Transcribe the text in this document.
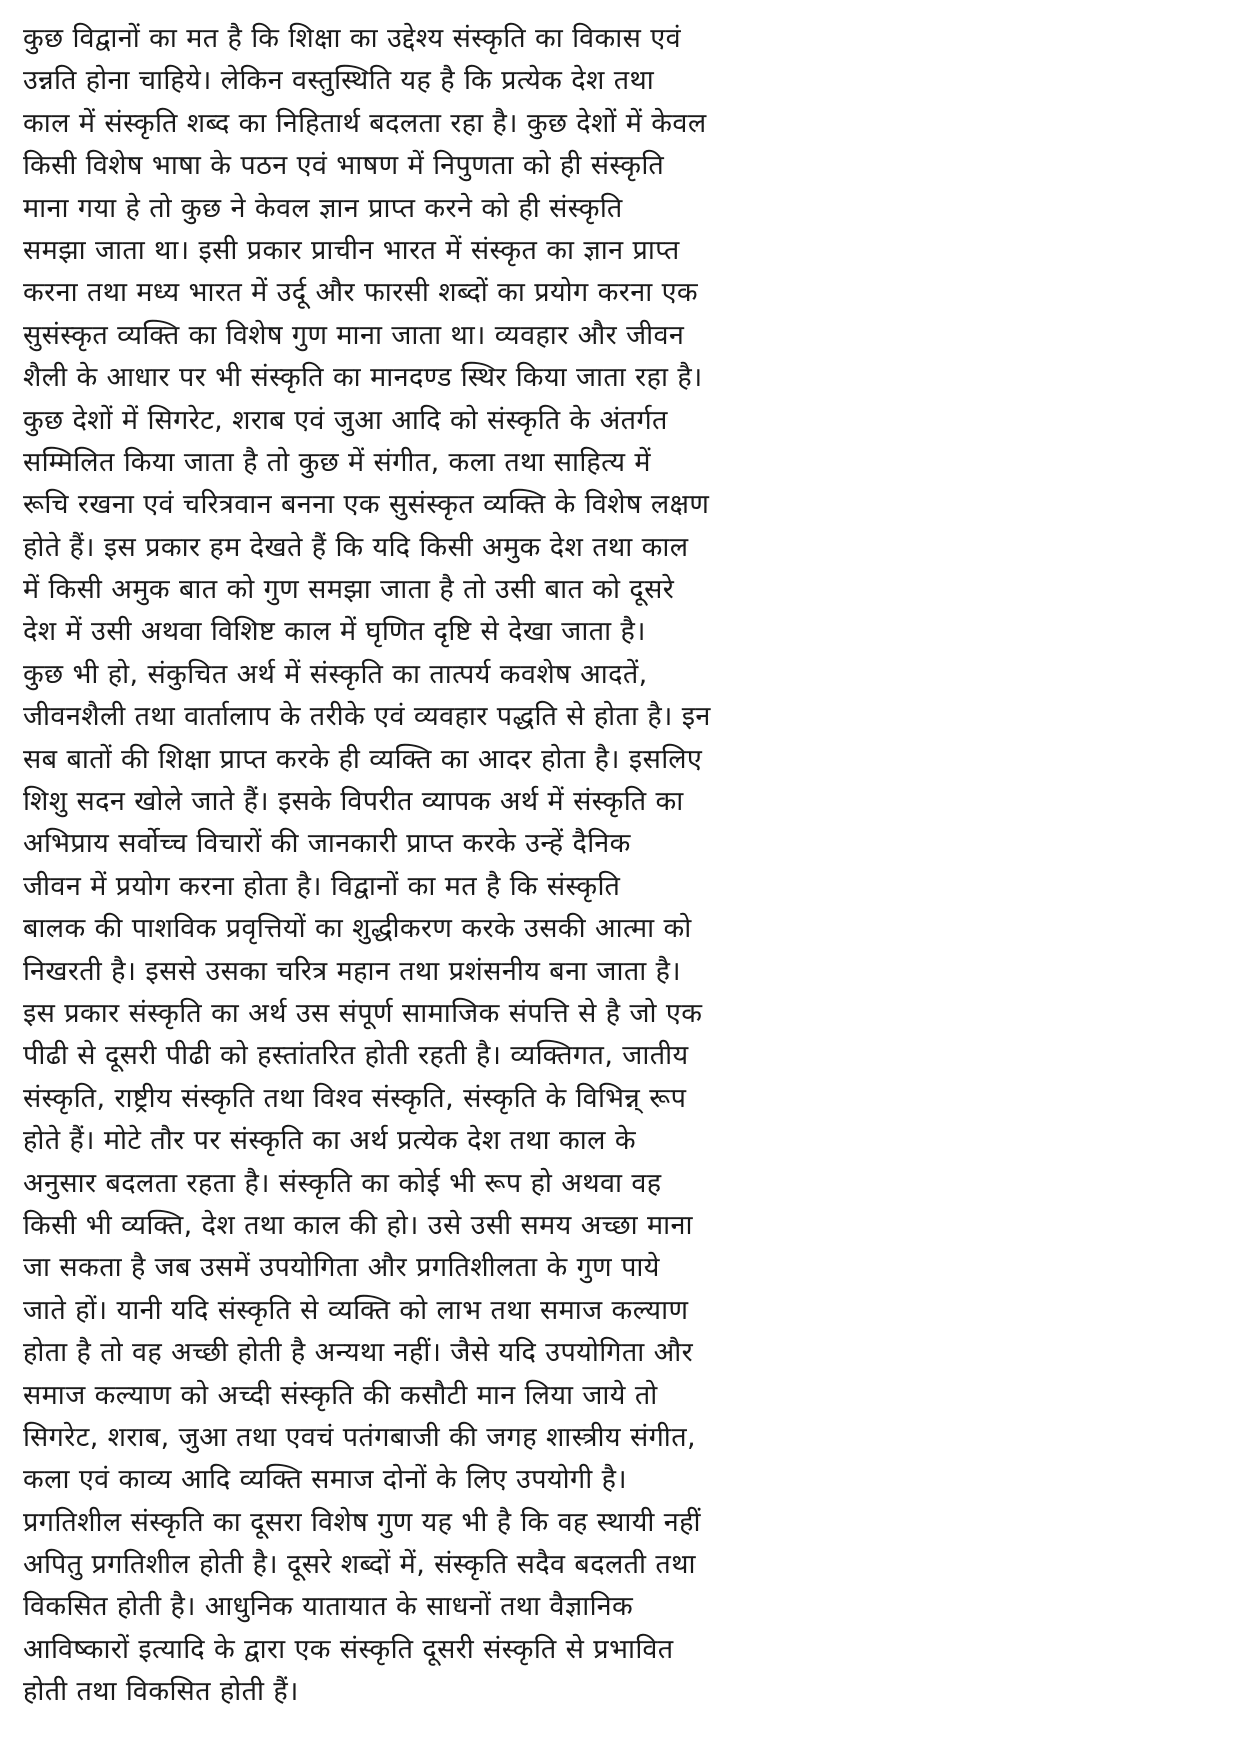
कुछ विद्वानों का मत है कि शिक्षा का उद्देश्य संस्कृति का विकास एवं
उन्नति होना चाहिये। लेकिन वस्तुस्थिति यह है कि प्रत्येक देश तथा
काल में संस्कृति शब्द का निहितार्थ बदलता रहा है। कुछ देशों में केवल
किसी विशेष भाषा के पठन एवं भाषण में निपुणता को ही संस्कृति
माना गया हे तो कुछ ने केवल ज्ञान प्राप्त करने को ही संस्कृति
समझा जाता था। इसी प्रकार प्राचीन भारत में संस्कृत का ज्ञान प्राप्त
करना तथा मध्य भारत में उर्दू और फारसी शब्दों का प्रयोग करना एक
सुसंस्कृत व्यक्ति का विशेष गुण माना जाता था। व्यवहार और जीवन
शैली के आधार पर भी संस्कृति का मानदण्ड स्थिर किया जाता रहा है।
कुछ देशों में सिगरेट, शराब एवं जुआ आदि को संस्कृति के अंतर्गत
सम्मिलित किया जाता है तो कुछ में संगीत, कला तथा साहित्य में
रूचि रखना एवं चरित्रवान बनना एक सुसंस्कृत व्यक्ति के विशेष लक्षण
होते हैं। इस प्रकार हम देखते हैं कि यदि किसी अमुक देश तथा काल
में किसी अमुक बात को गुण समझा जाता है तो उसी बात को दूसरे
देश में उसी अथवा विशिष्ट काल में घृणित दृष्टि से देखा जाता है।
कुछ भी हो, संकुचित अर्थ में संस्कृति का तात्पर्य कवशेष आदतें,
जीवनशैली तथा वार्तालाप के तरीके एवं व्यवहार पद्धति से होता है। इन
सब बातों की शिक्षा प्राप्त करके ही व्यक्ति का आदर होता है। इसलिए
शिशु सदन खोले जाते हैं। इसके विपरीत व्यापक अर्थ में संस्कृति का
अभिप्राय सर्वोच्च विचारों की जानकारी प्राप्त करके उन्हें दैनिक
जीवन में प्रयोग करना होता है। विद्वानों का मत है कि संस्कृति
बालक की पाशविक प्रवृत्तियों का शुद्धीकरण करके उसकी आत्मा को
निखरती है। इससे उसका चरित्र महान तथा प्रशंसनीय बना जाता है।
इस प्रकार संस्कृति का अर्थ उस संपूर्ण सामाजिक संपत्ति से है जो एक
पीढी से दूसरी पीढी को हस्तांतरित होती रहती है। व्यक्तिगत, जातीय
संस्कृति, राष्ट्रीय संस्कृति तथा विश्व संस्कृति, संस्कृति के विभिन्न् रूप
होते हैं। मोटे तौर पर संस्कृति का अर्थ प्रत्येक देश तथा काल के
अनुसार बदलता रहता है। संस्कृति का कोई भी रूप हो अथवा वह
किसी भी व्यक्ति, देश तथा काल की हो। उसे उसी समय अच्छा माना
जा सकता है जब उसमें उपयोगिता और प्रगतिशीलता के गुण पाये
जाते हों। यानी यदि संस्कृति से व्यक्ति को लाभ तथा समाज कल्याण
होता है तो वह अच्छी होती है अन्यथा नहीं। जैसे यदि उपयोगिता और
समाज कल्याण को अच्दी संस्कृति की कसौटी मान लिया जाये तो
सिगरेट, शराब, जुआ तथा एवचं पतंगबाजी की जगह शास्त्रीय संगीत,
कला एवं काव्य आदि व्यक्ति समाज दोनों के लिए उपयोगी है।
प्रगतिशील संस्कृति का दूसरा विशेष गुण यह भी है कि वह स्थायी नहीं
अपितु प्रगतिशील होती है। दूसरे शब्दों में, संस्कृति सदैव बदलती तथा
विकसित होती है। आधुनिक यातायात के साधनों तथा वैज्ञानिक
आविष्कारों इत्यादि के द्वारा एक संस्कृति दूसरी संस्कृति से प्रभावित
होती तथा विकसित होती हैं।
